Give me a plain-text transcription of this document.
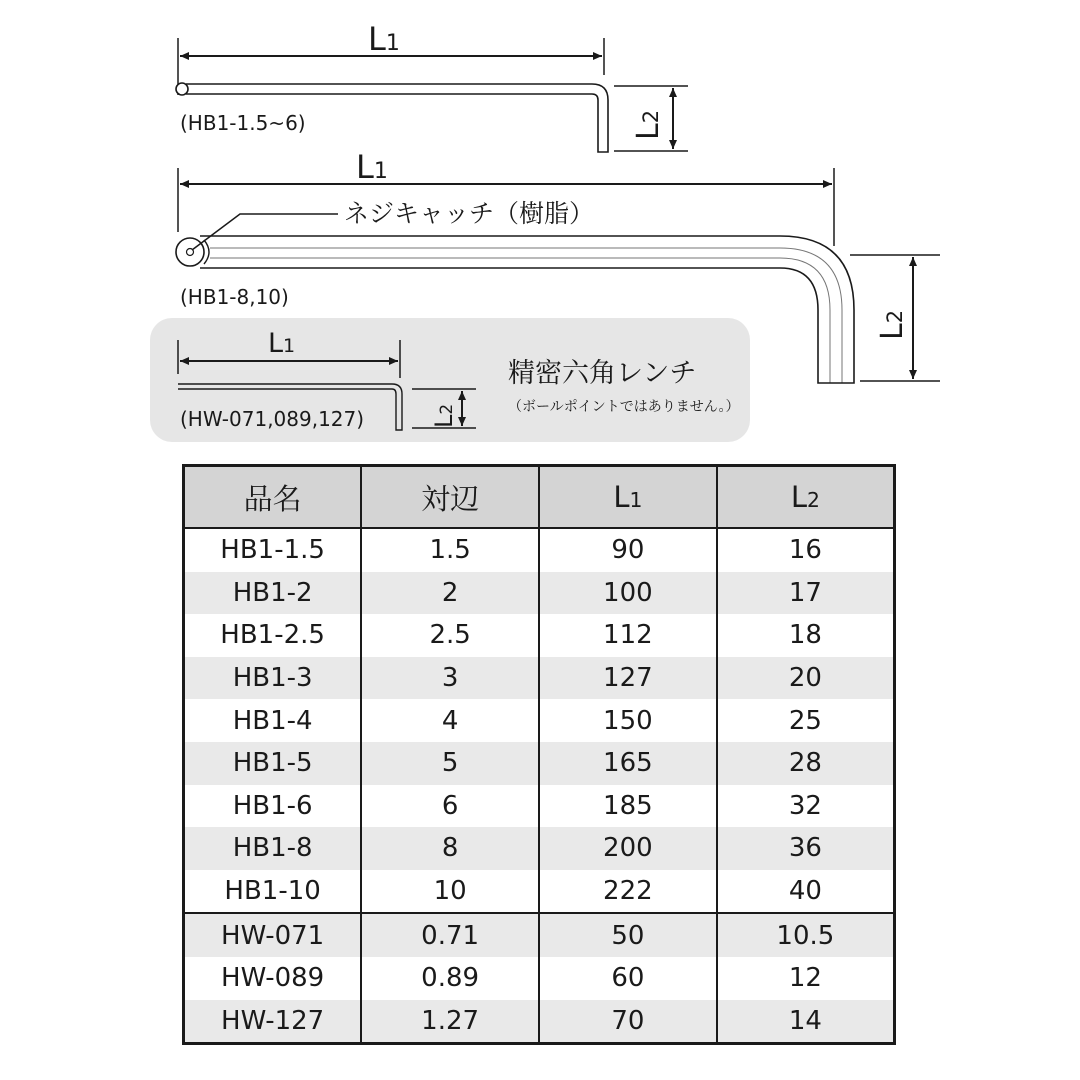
L1
L2
(HB1-1.5~6)
L1
ネジキャッチ（樹脂）
L2
(HB1-8,10)
L1
L2
(HW-071,089,127)
精密六角レンチ
（ボールポイントではありません。）
品名	対辺	L1	L2
HB1-1.5	1.5	90	16
HB1-2	2	100	17
HB1-2.5	2.5	112	18
HB1-3	3	127	20
HB1-4	4	150	25
HB1-5	5	165	28
HB1-6	6	185	32
HB1-8	8	200	36
HB1-10	10	222	40
HW-071	0.71	50	10.5
HW-089	0.89	60	12
HW-127	1.27	70	14
